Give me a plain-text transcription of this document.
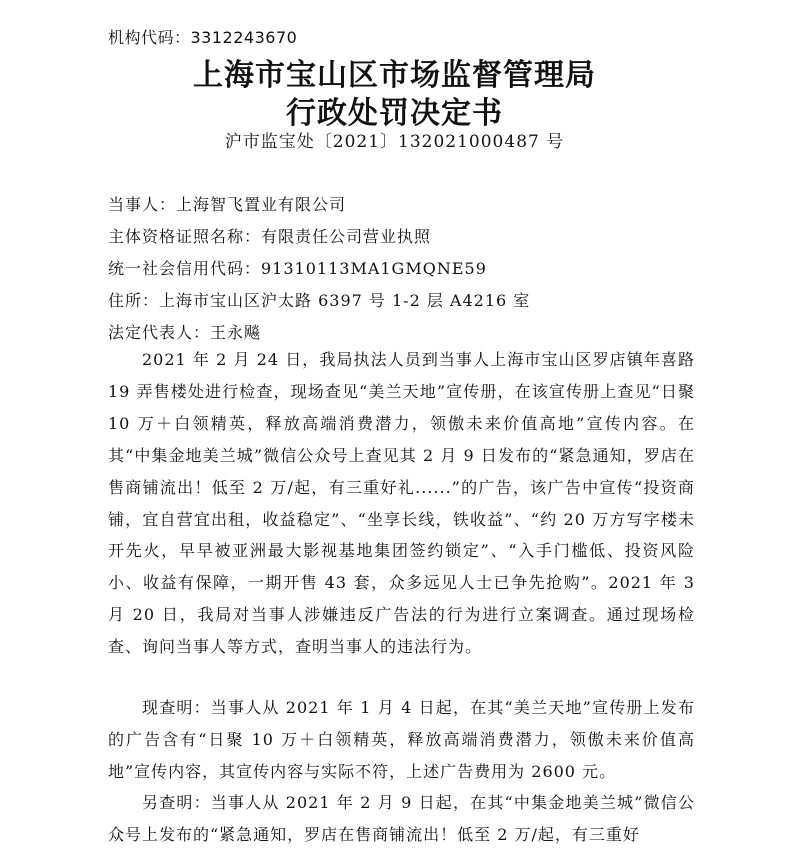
机构代码：3312243670
上海市宝山区市场监督管理局
行政处罚决定书
沪市监宝处〔2021〕132021000487 号
当事人：上海智飞置业有限公司
主体资格证照名称：有限责任公司营业执照
统一社会信用代码：91310113MA1GMQNE59
住所：上海市宝山区沪太路 6397 号 1-2 层 A4216 室
法定代表人：王永飚

2021 年 2 月 24 日，我局执法人员到当事人上海市宝山区罗店镇年喜路 19 弄售楼处进行检查，现场查见“美兰天地”宣传册，在该宣传册上查见“日聚 10 万＋白领精英，释放高端消费潜力，领傲未来价值高地”宣传内容。在其“中集金地美兰城”微信公众号上查见其 2 月 9 日发布的“紧急通知，罗店在售商铺流出！低至 2 万/起，有三重好礼......”的广告，该广告中宣传“投资商铺，宜自营宜出租，收益稳定”、“坐享长线，铁收益”、“约 20 万方写字楼未开先火，早早被亚洲最大影视基地集团签约锁定”、“入手门槛低、投资风险小、收益有保障，一期开售 43 套，众多远见人士已争先抢购”。2021 年 3 月 20 日，我局对当事人涉嫌违反广告法的行为进行立案调查。通过现场检查、询问当事人等方式，查明当事人的违法行为。

现查明：当事人从 2021 年 1 月 4 日起，在其“美兰天地”宣传册上发布的广告含有“日聚 10 万＋白领精英，释放高端消费潜力，领傲未来价值高地”宣传内容，其宣传内容与实际不符，上述广告费用为 2600 元。

另查明：当事人从 2021 年 2 月 9 日起，在其“中集金地美兰城”微信公众号上发布的“紧急通知，罗店在售商铺流出！低至 2 万/起，有三重好
